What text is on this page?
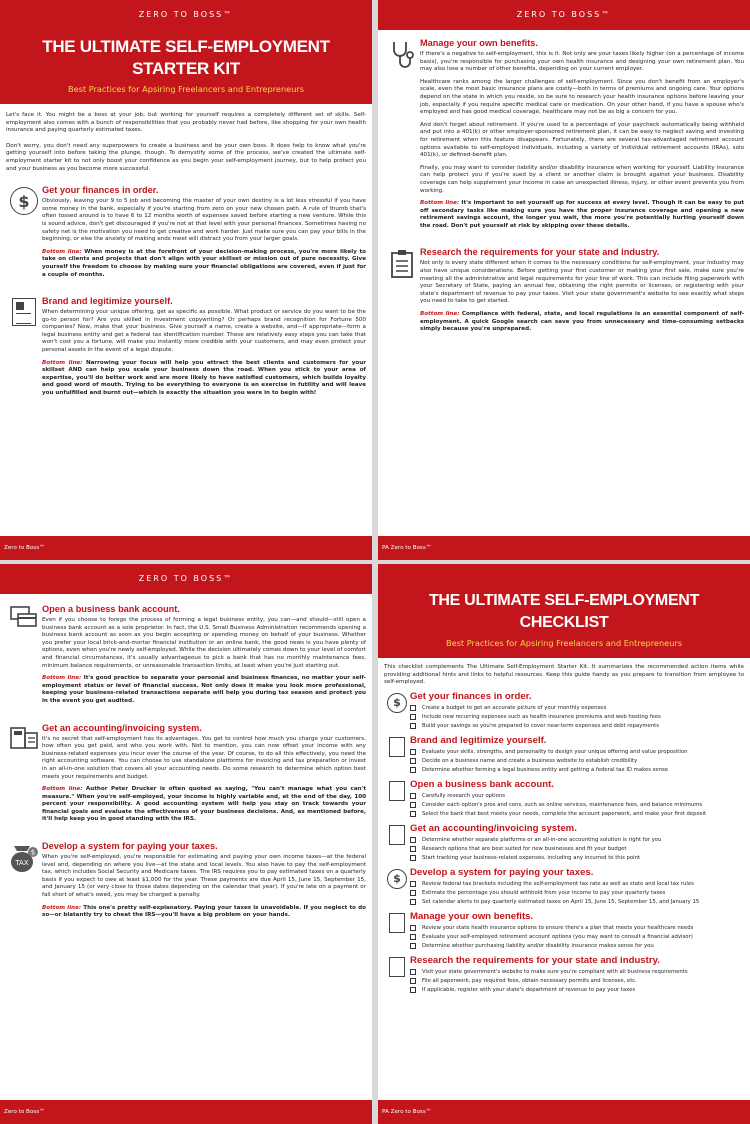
ZERO TO BOSS™
THE ULTIMATE SELF-EMPLOYMENT STARTER KIT
Best Practices for Apsiring Freelancers and Entrepreneurs

Let's face it. You might be a boss at your job, but working for yourself requires a completely different set of skills. Self-employment also comes with a bunch of responsibilities that you probably never had before, like shopping for your own health insurance and paying quarterly estimated taxes.

Don't worry, you don't need any superpowers to create a business and be your own boss. It does help to know what you're getting yourself into before taking the plunge, though. To demystify some of the process, we've created the ultimate self-employment starter kit to not only boost your confidence as you begin your self-employment journey, but to help protect you and your business as you become more successful.

$
Get your finances in order.

Obviously, leaving your 9 to 5 job and becoming the master of your own destiny is a lot less stressful if you have some money in the bank, especially if you're starting from zero on your new chosen path. A rule of thumb that's often tossed around is to have 6 to 12 months worth of expenses saved before starting a new venture. While this is sound advice, don't get discouraged if you're not at that level with your personal finances. Sometimes having no safety net is the motivation you need to get creative and work harder. Just make sure you can pay your bills in the beginning, or else the anxiety of making ends meet will distract you from your larger goals.

Bottom line: When money is at the forefront of your decision-making process, you're more likely to take on clients and projects that don't align with your skillset or mission out of pure necessity. Give yourself the freedom to choose by making sure your financial obligations are covered, even if just for a couple of months.

Brand and legitimize yourself.

When determining your unique offering, get as specific as possible. What product or service do you want to be the go-to person for? Are you skilled in investment copywriting? Or perhaps brand recognition for Fortune 500 companies? Now, make that your business. Give yourself a name, create a website, and—if appropriate—form a legal business entity and get a federal tax identification number. These are relatively easy steps you can take that won't cost you a fortune, will make you instantly more credible with your customers, and may even protect your personal assets in the event of a legal dispute.

Bottom line: Narrowing your focus will help you attract the best clients and customers for your skillset AND can help you scale your business down the road. When you stick to your area of expertise, you'll do better work and are more likely to have satisfied customers, which builds loyalty and good word of mouth. Trying to be everything to everyone is an exercise in futility and will leave you unfulfilled and burnt out—which is exactly the situation you were in to begin with!

Zero to Boss™
ZERO TO BOSS™
Manage your own benefits.

If there's a negative to self-employment, this is it. Not only are your taxes likely higher (on a percentage of income basis), you're responsible for purchasing your own health insurance and designing your own retirement plan. You may also lose a number of other benefits, depending on your current employer.

Healthcare ranks among the larger challenges of self-employment. Since you don't benefit from an employer's scale, even the most basic insurance plans are costly—both in terms of premiums and ongoing care. Your options depend on the state in which you reside, so be sure to research your health insurance options before leaving your job, especially if you require specific medical care or medication. On your other hand, if you have a spouse who's employed and has good medical coverage, healthcare may not be as big a concern for you.

And don't forget about retirement. If you're used to a percentage of your paycheck automatically being withheld and put into a 401(k) or other employer-sponsored retirement plan, it can be easy to neglect saving and investing for retirement when this feature disappears. Fortunately, there are several tax-advantaged retirement account options available to self-employed individuals, including a variety of individual retirement accounts (IRAs), solo 401(k), or defined-benefit plan.

Finally, you may want to consider liability and/or disability insurance when working for yourself. Liability insurance can help protect you if you're sued by a client or another claim is brought against your business. Disability coverage can help supplement your income in case an unexpected illness, injury, or other event prevents you from working.

Bottom line: It's important to set yourself up for success at every level. Though it can be easy to put off secondary tasks like making sure you have the proper insurance coverage and opening a new retirement savings account, the longer you wait, the more you're potentially hurting yourself down the road. Don't put yourself at risk by skipping over these details.

Research the requirements for your state and industry.

Not only is every state different when it comes to the necessary conditions for self-employment, your industry may also have unique considerations. Before getting your first customer or making your first sale, make sure you're meeting all the administrative and legal requirements for your line of work. This can include filing paperwork with your Secretary of State, paying an annual fee, obtaining the right permits or licenses, or registering with your state's department of revenue to pay your taxes. Visit your state government's website to see exactly what steps you need to take to get started.

Bottom line: Compliance with federal, state, and local regulations is an essential component of self-employment. A quick Google search can save you from unnecessary and time-consuming setbacks simply because you're unprepared.

PA Zero to Boss™
ZERO TO BOSS™
Open a business bank account.

Even if you choose to forego the process of forming a legal business entity, you can—and should—still open a business bank account as a sole proprietor. In fact, the U.S. Small Business Administration recommends opening a business bank account as soon as you begin accepting or spending money on behalf of your business. Whether you prefer your local brick-and-mortar financial institution or an online bank, the good news is you have plenty of options, even when you're newly self-employed. While the decision ultimately comes down to your level of comfort and financial circumstances, it's usually advantageous to pick a bank that has no monthly maintenance fees, minimum balance requirements, or unreasonable transaction limits, at least when you're just starting out.

Bottom line: It's good practice to separate your personal and business finances, no matter your self-employment status or level of financial success. Not only does it make you look more professional, keeping your business-related transactions separate will help you during tax season and protect you in the event you get audited.

Get an accounting/invoicing system.

It's no secret that self-employment has its advantages. You get to control how much you charge your customers, how often you get paid, and who you work with. Not to mention, you can now offset your income with any business-related expenses you incur over the course of the year. Of course, to do all this effectively, you need the right accounting software. You can choose to use standalone platforms for invoicing and tax preparation or invest in an all-in-one solution that covers all your accounting needs. Do some research to determine which option best meets your requirements and budget.

Bottom line: Author Peter Drucker is often quoted as saying, "You can't manage what you can't measure." When you're self-employed, your income is highly variable and, at the end of the day, 100 percent your responsibility. A good accounting system will help you stay on track towards your financial goals and evaluate the effectiveness of your business decisions. And, as mentioned before, it'll help keep you in good standing with the IRS.

TAX
$
Develop a system for paying your taxes.

When you're self-employed, you're responsible for estimating and paying your own income taxes—at the federal level and, depending on where you live—at the state and local levels. You also have to pay the self-employment tax, which includes Social Security and Medicare taxes. The IRS requires you to pay estimated taxes on a quarterly basis if you expect to owe at least $1,000 for the year. These payments are due April 15, June 15, September 15, and January 15 (or very close to those dates depending on the calendar that year). If you're late on a payment or fall short of what's owed, you may be charged a penalty.

Bottom line: This one's pretty self-explanatory. Paying your taxes is unavoidable. If you neglect to do so—or blatantly try to cheat the IRS—you'll have a big problem on your hands.

Zero to Boss™
THE ULTIMATE SELF-EMPLOYMENT CHECKLIST
Best Practices for Apsiring Freelancers and Entrepreneurs

This checklist complements The Ultimate Self-Employment Starter Kit. It summarizes the recommended action items while providing additional hints and links to helpful resources. Keep this guide handy as you prepare to transition from employee to self-employed.

$ Get your finances in order.
Create a budget to get an accurate picture of your monthly expenses
Include new recurring expenses such as health insurance premiums and web hosting fees
Build your savings so you're prepared to cover near-term expenses and debt repayments
Brand and legitimize yourself.
Evaluate your skills, strengths, and personality to design your unique offering and value proposition
Decide on a business name and create a business website to establish credibility
Determine whether forming a legal business entity and getting a federal tax ID makes sense
Open a business bank account.
Carefully research your options
Consider each option's pros and cons, such as online services, maintenance fees, and balance minimums
Select the bank that best meets your needs, complete the account paperwork, and make your first deposit
Get an accounting/invoicing system.
Determine whether separate platforms or an all-in-one accounting solution is right for you
Research options that are best suited for new businesses and fit your budget
Start tracking your business-related expenses, including any incurred to this point
$ Develop a system for paying your taxes.
Review federal tax brackets including the self-employment tax rate as well as state and local tax rules
Estimate the percentage you should withhold from your income to pay your quarterly taxes
Set calendar alerts to pay quarterly estimated taxes on April 15, June 15, September 15, and January 15
Manage your own benefits.
Review your state health insurance options to ensure there's a plan that meets your healthcare needs
Evaluate your self-employed retirement account options (you may want to consult a financial advisor)
Determine whether purchasing liability and/or disability insurance makes sense for you
Research the requirements for your state and industry.
Visit your state government's website to make sure you're compliant with all business requirements
File all paperwork, pay required fees, obtain necessary permits and licenses, etc.
If applicable, register with your state's department of revenue to pay your taxes
PA Zero to Boss™
